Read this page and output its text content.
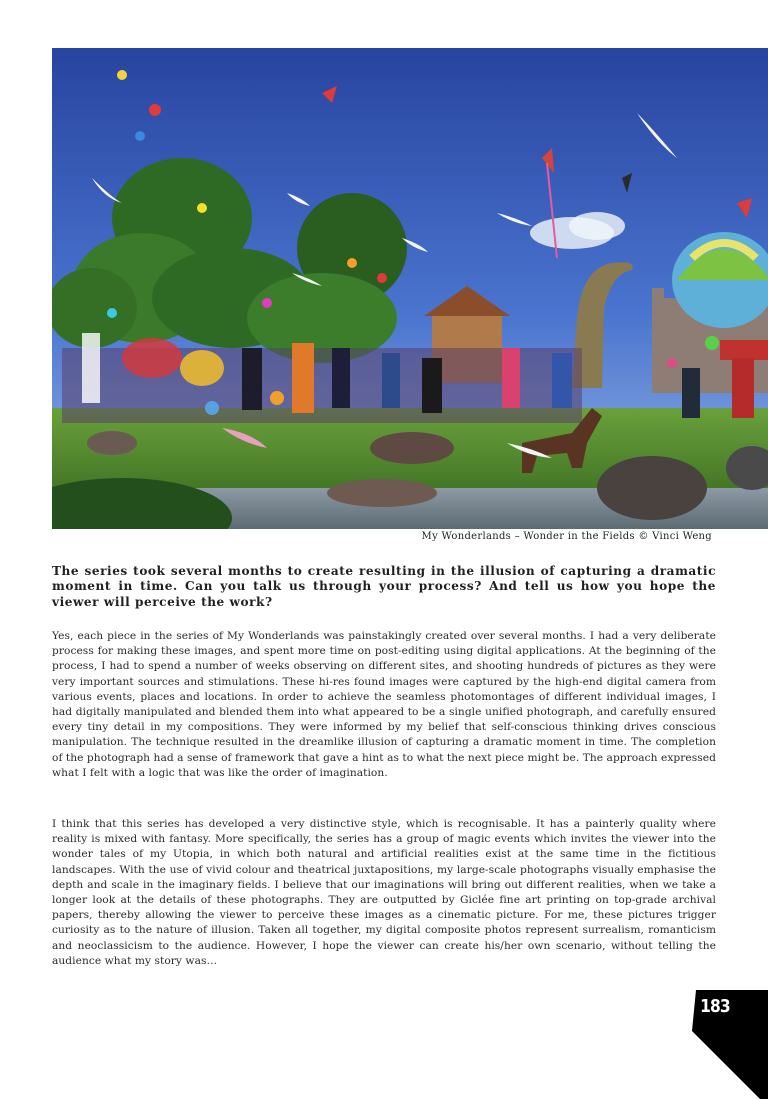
My Wonderlands – Wonder in the Fields © Vinci Weng

The series took several months to create resulting in the illusion of capturing a dramatic moment in time. Can you talk us through your process? And tell us how you hope the viewer will perceive the work?

Yes, each piece in the series of My Wonderlands was painstakingly created over several months. I had a very deliberate process for making these images, and spent more time on post-editing using digital applications. At the beginning of the process, I had to spend a number of weeks observing on different sites, and shooting hundreds of pictures as they were very important sources and stimulations. These hi-res found images were captured by the high-end digital camera from various events, places and locations. In order to achieve the seamless photomontages of different individual images, I had digitally manipulated and blended them into what appeared to be a single unified photograph, and carefully ensured every tiny detail in my compositions. They were informed by my belief that self-conscious thinking drives conscious manipulation. The technique resulted in the dreamlike illusion of capturing a dramatic moment in time. The completion of the photograph had a sense of framework that gave a hint as to what the next piece might be. The approach expressed what I felt with a logic that was like the order of imagination.

I think that this series has developed a very distinctive style, which is recognisable. It has a painterly quality where reality is mixed with fantasy. More specifically, the series has a group of magic events which invites the viewer into the wonder tales of my Utopia, in which both natural and artificial realities exist at the same time in the fictitious landscapes. With the use of vivid colour and theatrical juxtapositions, my large-scale photographs visually emphasise the depth and scale in the imaginary fields. I believe that our imaginations will bring out different realities, when we take a longer look at the details of these photographs. They are outputted by Giclée fine art printing on top-grade archival papers, thereby allowing the viewer to perceive these images as a cinematic picture. For me, these pictures trigger curiosity as to the nature of illusion. Taken all together, my digital composite photos represent surrealism, romanticism and neoclassicism to the audience. However, I hope the viewer can create his/her own scenario, without telling the audience what my story was…

183
